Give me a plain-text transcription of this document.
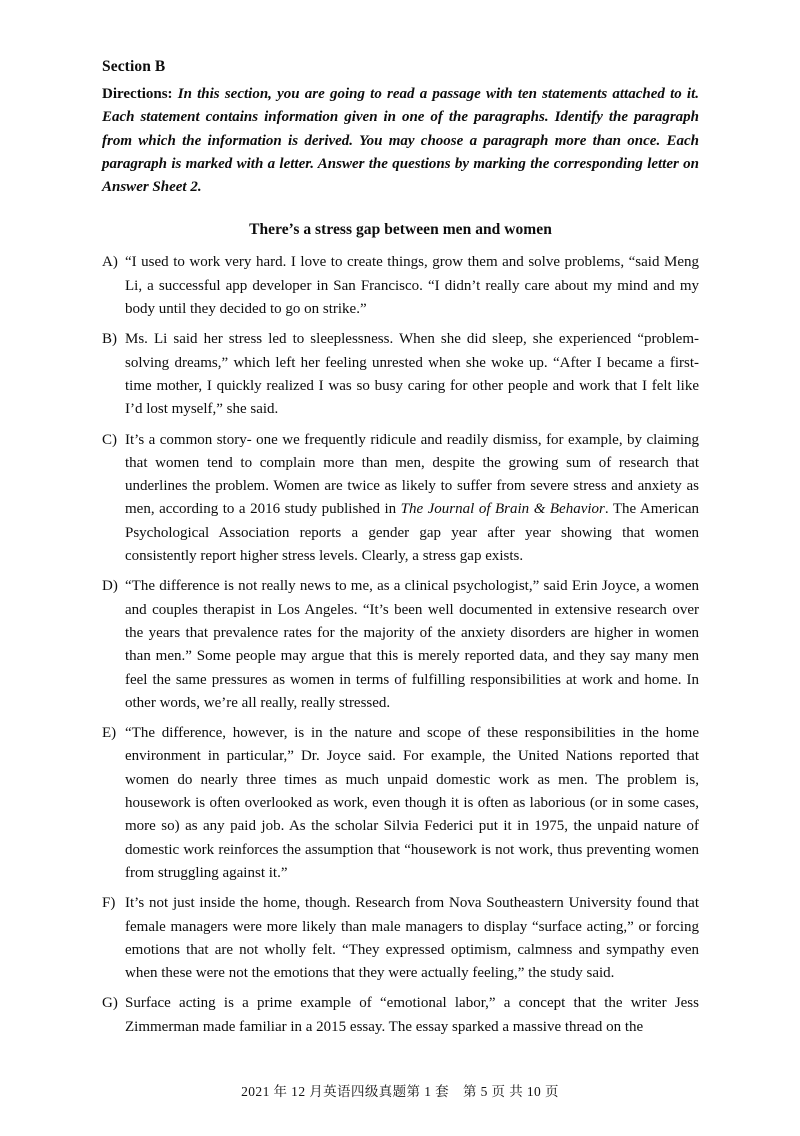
Section B

Directions: In this section, you are going to read a passage with ten statements attached to it. Each statement contains information given in one of the paragraphs. Identify the paragraph from which the information is derived. You may choose a paragraph more than once. Each paragraph is marked with a letter. Answer the questions by marking the corresponding letter on Answer Sheet 2.

There’s a stress gap between men and women
A) “I used to work very hard. I love to create things, grow them and solve problems, “said Meng Li, a successful app developer in San Francisco. “I didn’t really care about my mind and my body until they decided to go on strike.”
B) Ms. Li said her stress led to sleeplessness. When she did sleep, she experienced “problem-solving dreams,” which left her feeling unrested when she woke up. “After I became a first-time mother, I quickly realized I was so busy caring for other people and work that I felt like I’d lost myself,” she said.
C) It’s a common story- one we frequently ridicule and readily dismiss, for example, by claiming that women tend to complain more than men, despite the growing sum of research that underlines the problem. Women are twice as likely to suffer from severe stress and anxiety as men, according to a 2016 study published in The Journal of Brain & Behavior. The American Psychological Association reports a gender gap year after year showing that women consistently report higher stress levels. Clearly, a stress gap exists.
D) “The difference is not really news to me, as a clinical psychologist,” said Erin Joyce, a women and couples therapist in Los Angeles. “It’s been well documented in extensive research over the years that prevalence rates for the majority of the anxiety disorders are higher in women than men.” Some people may argue that this is merely reported data, and they say many men feel the same pressures as women in terms of fulfilling responsibilities at work and home. In other words, we’re all really, really stressed.
E) “The difference, however, is in the nature and scope of these responsibilities in the home environment in particular,” Dr. Joyce said. For example, the United Nations reported that women do nearly three times as much unpaid domestic work as men. The problem is, housework is often overlooked as work, even though it is often as laborious (or in some cases, more so) as any paid job. As the scholar Silvia Federici put it in 1975, the unpaid nature of domestic work reinforces the assumption that “housework is not work, thus preventing women from struggling against it.”
F) It’s not just inside the home, though. Research from Nova Southeastern University found that female managers were more likely than male managers to display “surface acting,” or forcing emotions that are not wholly felt. “They expressed optimism, calmness and sympathy even when these were not the emotions that they were actually feeling,” the study said.
G) Surface acting is a prime example of “emotional labor,” a concept that the writer Jess Zimmerman made familiar in a 2015 essay. The essay sparked a massive thread on the
2021 年 12 月英语四级真题第 1 套　第 5 页 共 10 页
